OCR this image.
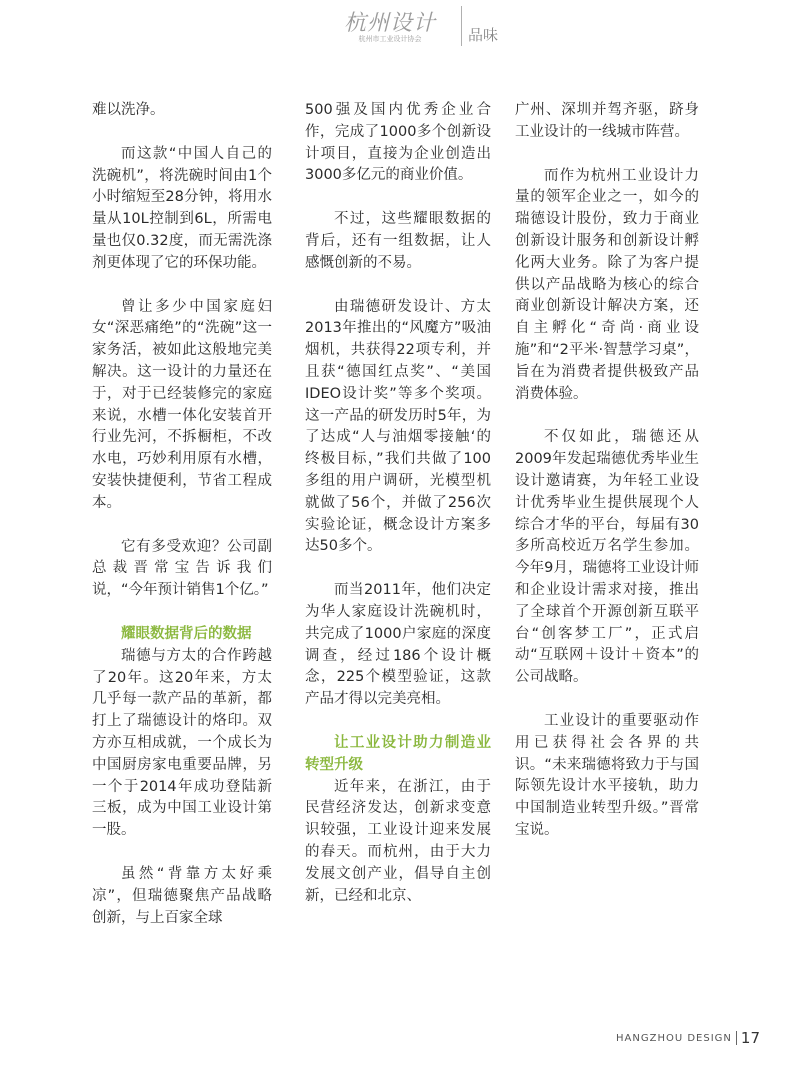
杭州设计
杭州市工业设计协会	品味

难以洗净。

而这款“中国人自己的洗碗机”，将洗碗时间由1个小时缩短至28分钟，将用水量从10L控制到6L，所需电量也仅0.32度，而无需洗涤剂更体现了它的环保功能。

曾让多少中国家庭妇女“深恶痛绝”的“洗碗”这一家务活，被如此这般地完美解决。这一设计的力量还在于，对于已经装修完的家庭来说，水槽一体化安装首开行业先河，不拆橱柜，不改水电，巧妙利用原有水槽，安装快捷便利，节省工程成本。

它有多受欢迎？公司副总裁晋常宝告诉我们说，“今年预计销售1个亿。”

耀眼数据背后的数据

瑞德与方太的合作跨越了20年。这20年来，方太几乎每一款产品的革新，都打上了瑞德设计的烙印。双方亦互相成就，一个成长为中国厨房家电重要品牌，另一个于2014年成功登陆新三板，成为中国工业设计第一股。

虽然“背靠方太好乘凉”，但瑞德聚焦产品战略创新，与上百家全球

500强及国内优秀企业合作，完成了1000多个创新设计项目，直接为企业创造出3000多亿元的商业价值。

不过，这些耀眼数据的背后，还有一组数据，让人感慨创新的不易。

由瑞德研发设计、方太2013年推出的“风魔方”吸油烟机，共获得22项专利，并且获“德国红点奖”、“美国IDEO设计奖”等多个奖项。这一产品的研发历时5年，为了达成“人与油烟零接触‘的终极目标，”我们共做了100多组的用户调研，光模型机就做了56个，并做了256次实验论证，概念设计方案多达50多个。

而当2011年，他们决定为华人家庭设计洗碗机时，共完成了1000户家庭的深度调查，经过186个设计概念，225个模型验证，这款产品才得以完美亮相。

让工业设计助力制造业转型升级

近年来，在浙江，由于民营经济发达，创新求变意识较强，工业设计迎来发展的春天。而杭州，由于大力发展文创产业，倡导自主创新，已经和北京、

广州、深圳并驾齐驱，跻身工业设计的一线城市阵营。

而作为杭州工业设计力量的领军企业之一，如今的瑞德设计股份，致力于商业创新设计服务和创新设计孵化两大业务。除了为客户提供以产品战略为核心的综合商业创新设计解决方案，还自主孵化“奇尚·商业设施”和“2平米·智慧学习桌”，旨在为消费者提供极致产品消费体验。

不仅如此，瑞德还从2009年发起瑞德优秀毕业生设计邀请赛，为年轻工业设计优秀毕业生提供展现个人综合才华的平台，每届有30多所高校近万名学生参加。今年9月，瑞德将工业设计师和企业设计需求对接，推出了全球首个开源创新互联平台“创客梦工厂”，正式启动“互联网＋设计＋资本”的公司战略。

工业设计的重要驱动作用已获得社会各界的共识。“未来瑞德将致力于与国际领先设计水平接轨，助力中国制造业转型升级。”晋常宝说。

HANGZHOU DESIGN 17
